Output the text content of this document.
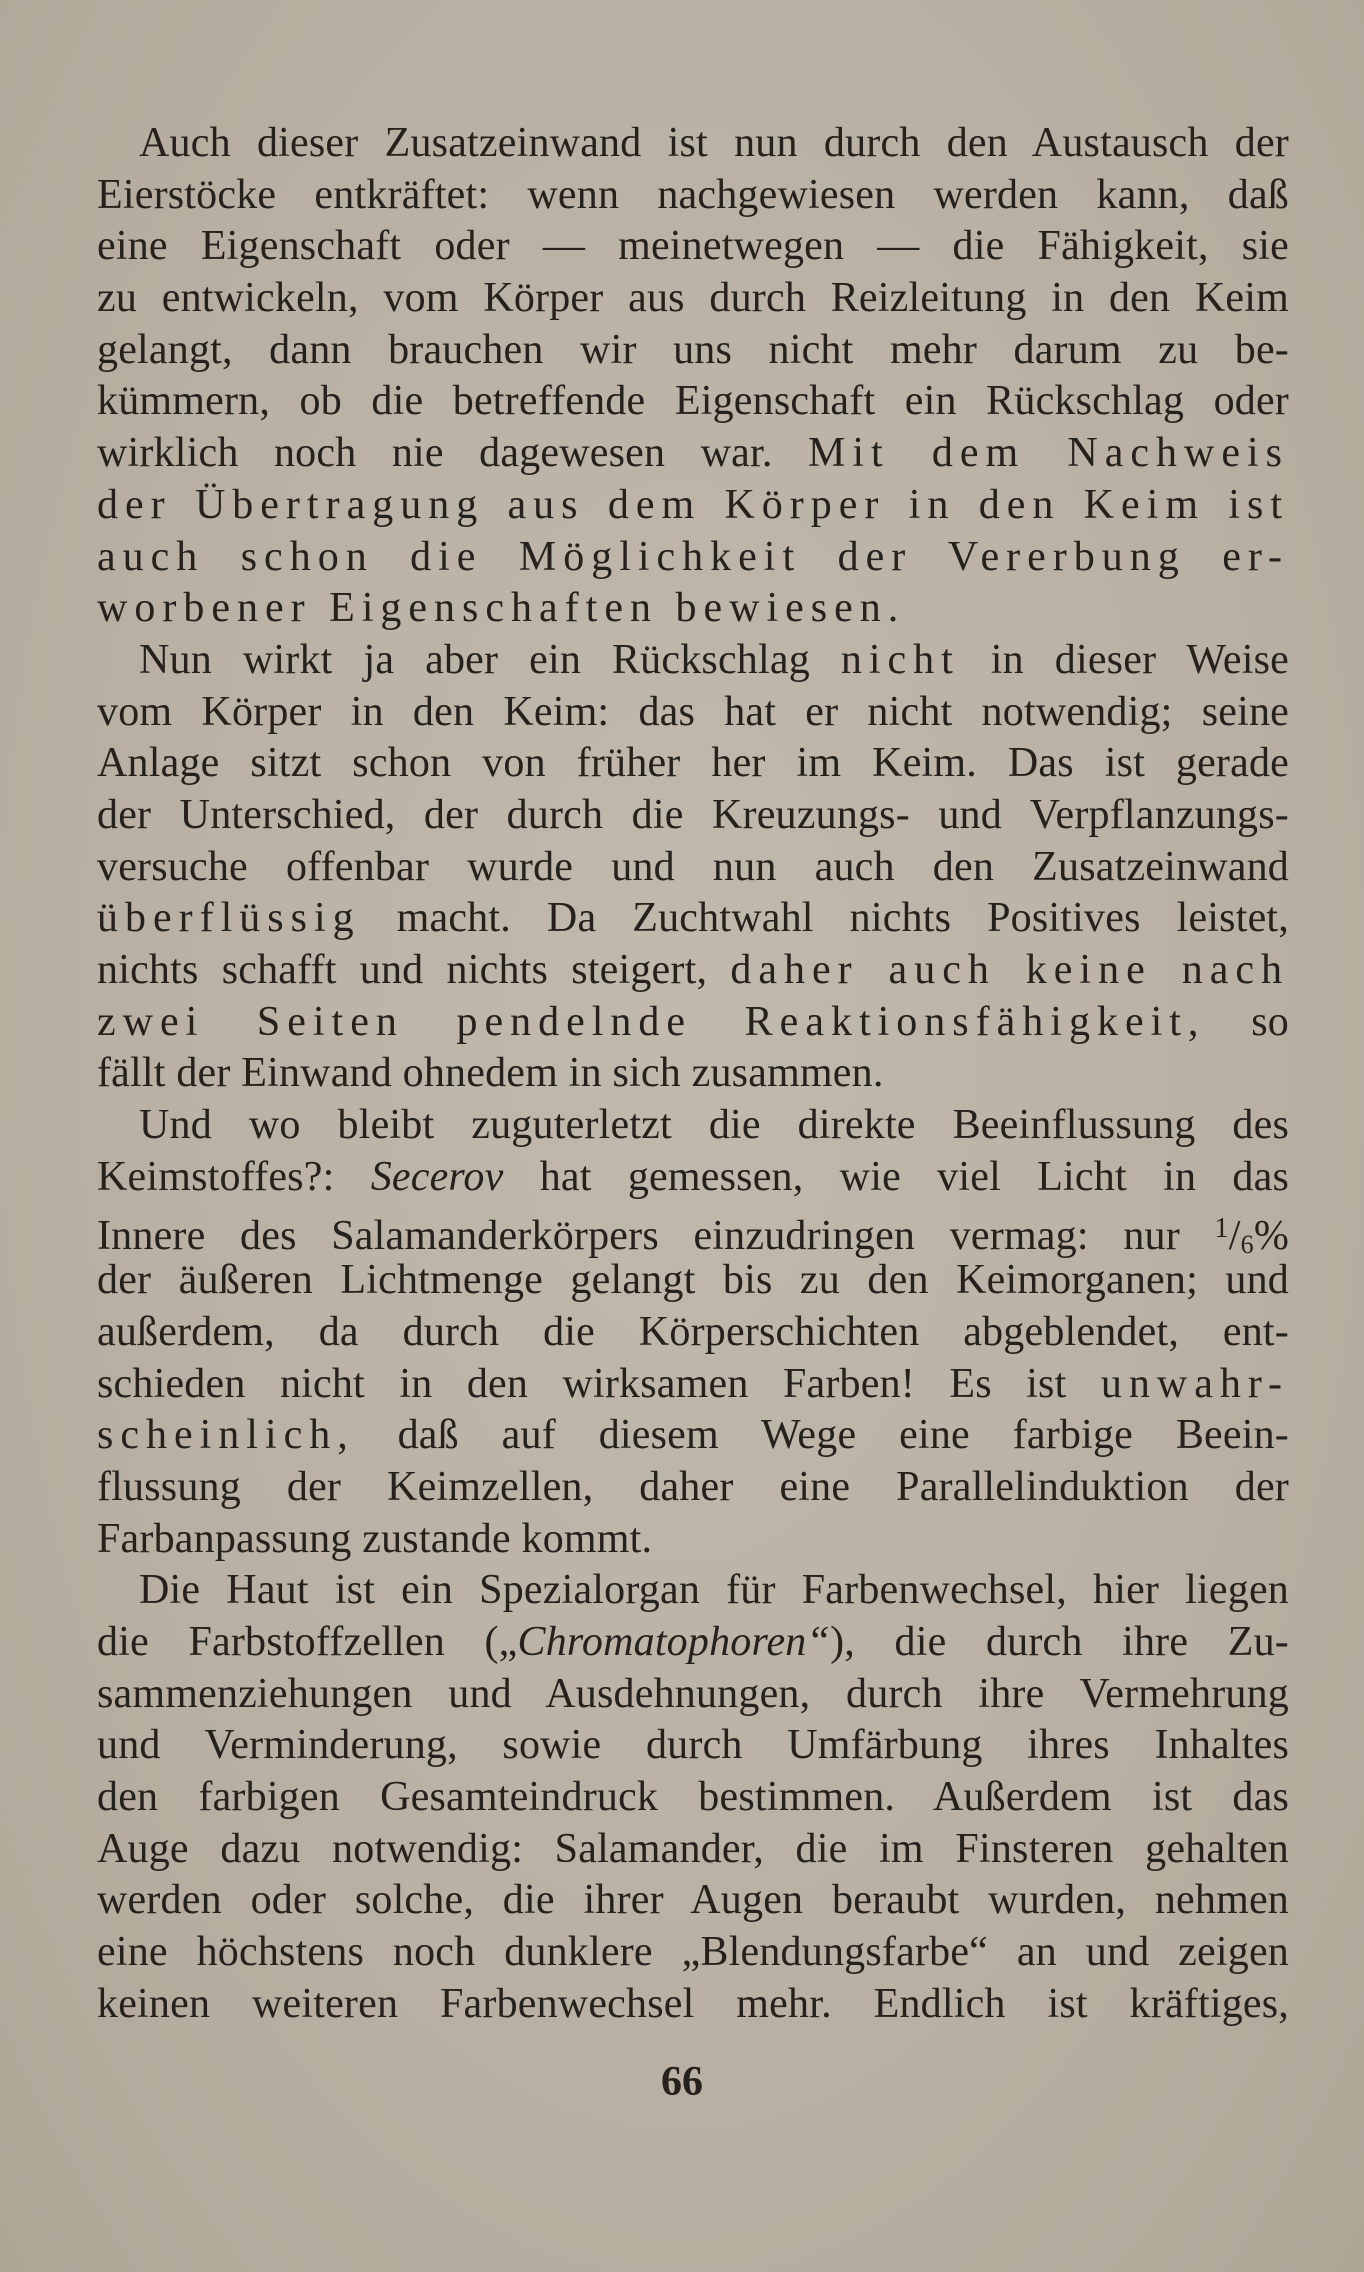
Auch dieser Zusatzeinwand ist nun durch den Austausch der
Eierstöcke entkräftet: wenn nachgewiesen werden kann, daß
eine Eigenschaft oder — meinetwegen — die Fähigkeit, sie
zu entwickeln, vom Körper aus durch Reizleitung in den Keim
gelangt, dann brauchen wir uns nicht mehr darum zu be-
kümmern, ob die betreffende Eigenschaft ein Rückschlag oder
wirklich noch nie dagewesen war. Mit dem Nachweis
der Übertragung aus dem Körper in den Keim ist
auch schon die Möglichkeit der Vererbung er-
worbener Eigenschaften bewiesen.
Nun wirkt ja aber ein Rückschlag nicht in dieser Weise
vom Körper in den Keim: das hat er nicht notwendig; seine
Anlage sitzt schon von früher her im Keim. Das ist gerade
der Unterschied, der durch die Kreuzungs- und Verpflanzungs-
versuche offenbar wurde und nun auch den Zusatzeinwand
überflüssig macht. Da Zuchtwahl nichts Positives leistet,
nichts schafft und nichts steigert, daher auch keine nach
zwei Seiten pendelnde Reaktionsfähigkeit, so
fällt der Einwand ohnedem in sich zusammen.
Und wo bleibt zuguterletzt die direkte Beeinflussung des
Keimstoffes?: Secerov hat gemessen, wie viel Licht in das
Innere des Salamanderkörpers einzudringen vermag: nur $^1$/6%
der äußeren Lichtmenge gelangt bis zu den Keimorganen; und
außerdem, da durch die Körperschichten abgeblendet, ent-
schieden nicht in den wirksamen Farben! Es ist unwahr-
scheinlich, daß auf diesem Wege eine farbige Beein-
flussung der Keimzellen, daher eine Parallelinduktion der
Farbanpassung zustande kommt.
Die Haut ist ein Spezialorgan für Farbenwechsel, hier liegen
die Farbstoffzellen („Chromatophoren“), die durch ihre Zu-
sammenziehungen und Ausdehnungen, durch ihre Vermehrung
und Verminderung, sowie durch Umfärbung ihres Inhaltes
den farbigen Gesamteindruck bestimmen. Außerdem ist das
Auge dazu notwendig: Salamander, die im Finsteren gehalten
werden oder solche, die ihrer Augen beraubt wurden, nehmen
eine höchstens noch dunklere „Blendungsfarbe“ an und zeigen
keinen weiteren Farbenwechsel mehr. Endlich ist kräftiges,
66
